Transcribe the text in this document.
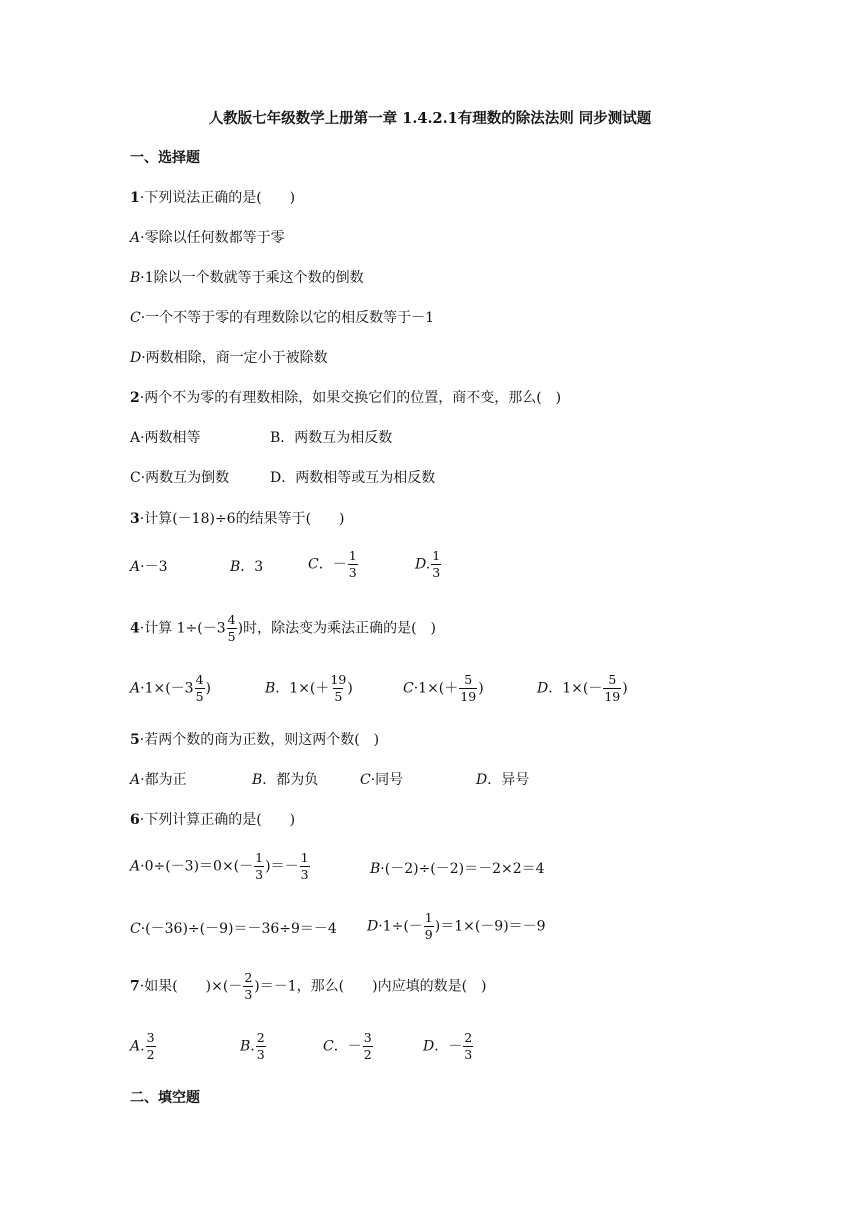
人教版七年级数学上册第一章 1.4.2.1有理数的除法法则 同步测试题
一、选择题
1·下列说法正确的是(　　)
A·零除以任何数都等于零
B·1除以一个数就等于乘这个数的倒数
C·一个不等于零的有理数除以它的相反数等于－1
D·两数相除，商一定小于被除数
2·两个不为零的有理数相除，如果交换它们的位置，商不变，那么(　)
A·两数相等	B．两数互为相反数
C·两数互为倒数	D．两数相等或互为相反数
3·计算(－18)÷6的结果等于(　　)
A·－3	B．3	C．－ $\frac{1}{3}$	D. $\frac{1}{3}$
4·计算 $1\div(-3 \frac{4}{5}$ )时，除法变为乘法正确的是(　)
$A\cdot 1\times(-3 \frac{4}{5}$ )	B．$1\times(+ \frac{19}{5}$ )	$C\cdot 1\times(+ \frac{5}{19}$ )	D．$1\times(- \frac{5}{19}$ )
5·若两个数的商为正数，则这两个数(　)
A·都为正	B．都为负	C·同号	D．异号
6·下列计算正确的是(　　)
$A\cdot 0\div(-3)=0\times(- \frac{1}{3}$ )＝－ $\frac{1}{3}$	B·(－2)÷(－2)＝－2×2＝4
C·(－36)÷(－9)＝－36÷9＝－4 $D\cdot 1\div(- \frac{1}{9} )=1\times(-9)=-9$
7·如果(　　)×(－ $\frac{2}{3} )=-1$，那么(　　)内应填的数是(　)
A. $\frac{3}{2}$	B. $\frac{2}{3}$	C．－ $\frac{3}{2}$	D．－ $\frac{2}{3}$
二、填空题
